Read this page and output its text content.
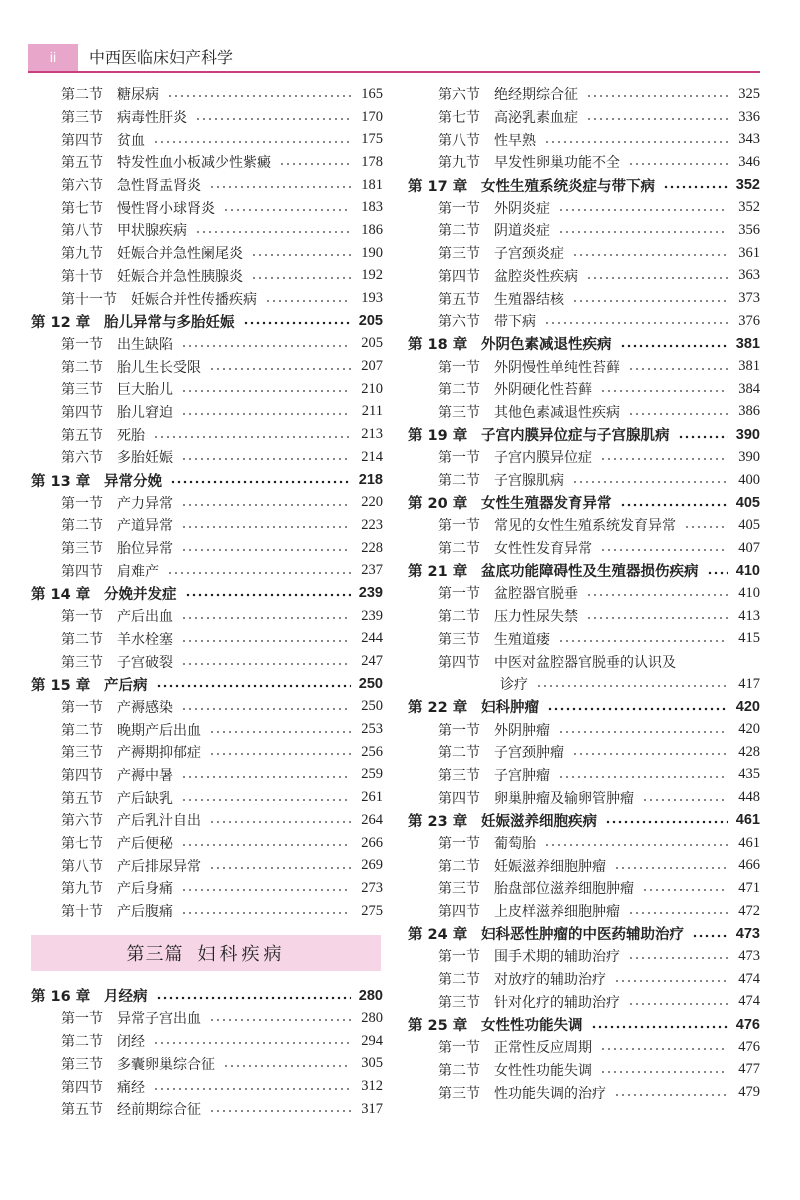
ii	中西医临床妇产科学
第二节 糖尿病	165
第三节 病毒性肝炎	170
第四节 贫血	175
第五节 特发性血小板减少性紫癜	178
第六节 急性肾盂肾炎	181
第七节 慢性肾小球肾炎	183
第八节 甲状腺疾病	186
第九节 妊娠合并急性阑尾炎	190
第十节 妊娠合并急性胰腺炎	192
第十一节 妊娠合并性传播疾病	193
第 12 章 胎儿异常与多胎妊娠	205
第一节 出生缺陷	205
第二节 胎儿生长受限	207
第三节 巨大胎儿	210
第四节 胎儿窘迫	211
第五节 死胎	213
第六节 多胎妊娠	214
第 13 章 异常分娩	218
第一节 产力异常	220
第二节 产道异常	223
第三节 胎位异常	228
第四节 肩难产	237
第 14 章 分娩并发症	239
第一节 产后出血	239
第二节 羊水栓塞	244
第三节 子宫破裂	247
第 15 章 产后病	250
第一节 产褥感染	250
第二节 晚期产后出血	253
第三节 产褥期抑郁症	256
第四节 产褥中暑	259
第五节 产后缺乳	261
第六节 产后乳汁自出	264
第七节 产后便秘	266
第八节 产后排尿异常	269
第九节 产后身痛	273
第十节 产后腹痛	275
第三篇 妇科疾病
第 16 章 月经病	280
第一节 异常子宫出血	280
第二节 闭经	294
第三节 多囊卵巢综合征	305
第四节 痛经	312
第五节 经前期综合征	317
第六节 绝经期综合征	325
第七节 高泌乳素血症	336
第八节 性早熟	343
第九节 早发性卵巢功能不全	346
第 17 章 女性生殖系统炎症与带下病	352
第一节 外阴炎症	352
第二节 阴道炎症	356
第三节 子宫颈炎症	361
第四节 盆腔炎性疾病	363
第五节 生殖器结核	373
第六节 带下病	376
第 18 章 外阴色素减退性疾病	381
第一节 外阴慢性单纯性苔藓	381
第二节 外阴硬化性苔藓	384
第三节 其他色素减退性疾病	386
第 19 章 子宫内膜异位症与子宫腺肌病	390
第一节 子宫内膜异位症	390
第二节 子宫腺肌病	400
第 20 章 女性生殖器发育异常	405
第一节 常见的女性生殖系统发育异常	405
第二节 女性性发育异常	407
第 21 章 盆底功能障碍性及生殖器损伤疾病	410
第一节 盆腔器官脱垂	410
第二节 压力性尿失禁	413
第三节 生殖道瘘	415
第四节 中医对盆腔器官脱垂的认识及
诊疗	417
第 22 章 妇科肿瘤	420
第一节 外阴肿瘤	420
第二节 子宫颈肿瘤	428
第三节 子宫肿瘤	435
第四节 卵巢肿瘤及输卵管肿瘤	448
第 23 章 妊娠滋养细胞疾病	461
第一节 葡萄胎	461
第二节 妊娠滋养细胞肿瘤	466
第三节 胎盘部位滋养细胞肿瘤	471
第四节 上皮样滋养细胞肿瘤	472
第 24 章 妇科恶性肿瘤的中医药辅助治疗	473
第一节 围手术期的辅助治疗	473
第二节 对放疗的辅助治疗	474
第三节 针对化疗的辅助治疗	474
第 25 章 女性性功能失调	476
第一节 正常性反应周期	476
第二节 女性性功能失调	477
第三节 性功能失调的治疗	479
